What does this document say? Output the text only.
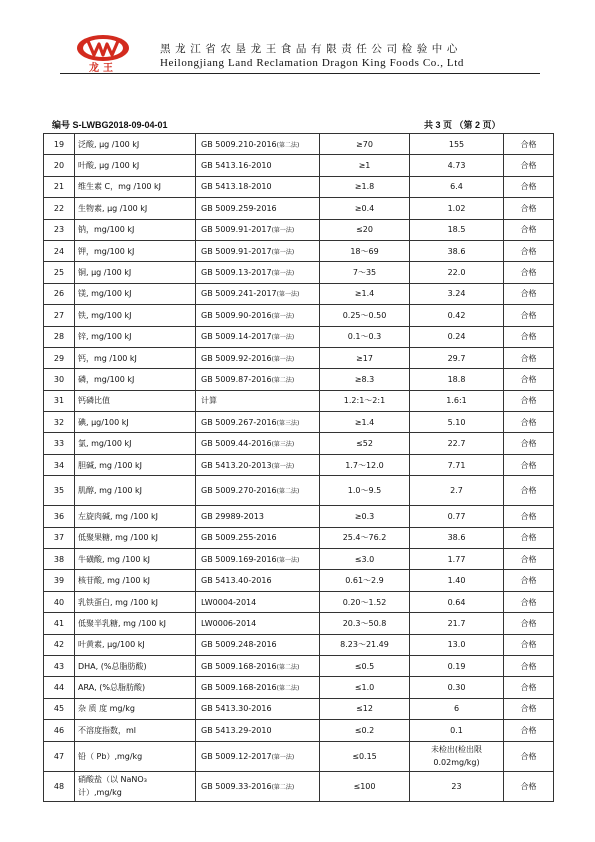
龙王
黑龙江省农垦龙王食品有限责任公司检验中心
Heilongjiang Land Reclamation Dragon King Foods Co., Ltd
编号 S-LWBG2018-09-04-01	共 3 页 （第 2 页）
19	泛酸, μg /100 kJ	GB 5009.210-2016(第二法)	≥70	155	合格
20	叶酸, μg /100 kJ	GB 5413.16-2010	≥1	4.73	合格
21	维生素 C，mg /100 kJ	GB 5413.18-2010	≥1.8	6.4	合格
22	生物素, μg /100 kJ	GB 5009.259-2016	≥0.4	1.02	合格
23	钠，mg/100 kJ	GB 5009.91-2017(第一法)	≤20	18.5	合格
24	钾，mg/100 kJ	GB 5009.91-2017(第一法)	18～69	38.6	合格
25	铜, μg /100 kJ	GB 5009.13-2017(第一法)	7～35	22.0	合格
26	镁, mg/100 kJ	GB 5009.241-2017(第一法)	≥1.4	3.24	合格
27	铁, mg/100 kJ	GB 5009.90-2016(第一法)	0.25～0.50	0.42	合格
28	锌, mg/100 kJ	GB 5009.14-2017(第一法)	0.1～0.3	0.24	合格
29	钙，mg /100 kJ	GB 5009.92-2016(第一法)	≥17	29.7	合格
30	磷，mg/100 kJ	GB 5009.87-2016(第二法)	≥8.3	18.8	合格
31	钙磷比值	计算	1.2:1～2:1	1.6:1	合格
32	碘, μg/100 kJ	GB 5009.267-2016(第三法)	≥1.4	5.10	合格
33	氯, mg/100 kJ	GB 5009.44-2016(第三法)	≤52	22.7	合格
34	胆碱, mg /100 kJ	GB 5413.20-2013(第一法)	1.7～12.0	7.71	合格
35	肌醇, mg /100 kJ	GB 5009.270-2016(第二法)	1.0～9.5	2.7	合格
36	左旋肉碱, mg /100 kJ	GB 29989-2013	≥0.3	0.77	合格
37	低聚果糖, mg /100 kJ	GB 5009.255-2016	25.4～76.2	38.6	合格
38	牛磺酸, mg /100 kJ	GB 5009.169-2016(第一法)	≤3.0	1.77	合格
39	核苷酸, mg /100 kJ	GB 5413.40-2016	0.61～2.9	1.40	合格
40	乳铁蛋白, mg /100 kJ	LW0004-2014	0.20～1.52	0.64	合格
41	低聚半乳糖, mg /100 kJ	LW0006-2014	20.3～50.8	21.7	合格
42	叶黄素, μg/100 kJ	GB 5009.248-2016	8.23～21.49	13.0	合格
43	DHA, (%总脂肪酸)	GB 5009.168-2016(第二法)	≤0.5	0.19	合格
44	ARA, (%总脂肪酸)	GB 5009.168-2016(第二法)	≤1.0	0.30	合格
45	杂 质 度 mg/kg	GB 5413.30-2016	≤12	6	合格
46	不溶度指数，ml	GB 5413.29-2010	≤0.2	0.1	合格
47	铅（ Pb）,mg/kg	GB 5009.12-2017(第一法)	≤0.15	未检出(检出限
0.02mg/kg)	合格
48	硝酸盐（以 NaNO₃
计）,mg/kg	GB 5009.33-2016(第二法)	≤100	23	合格
